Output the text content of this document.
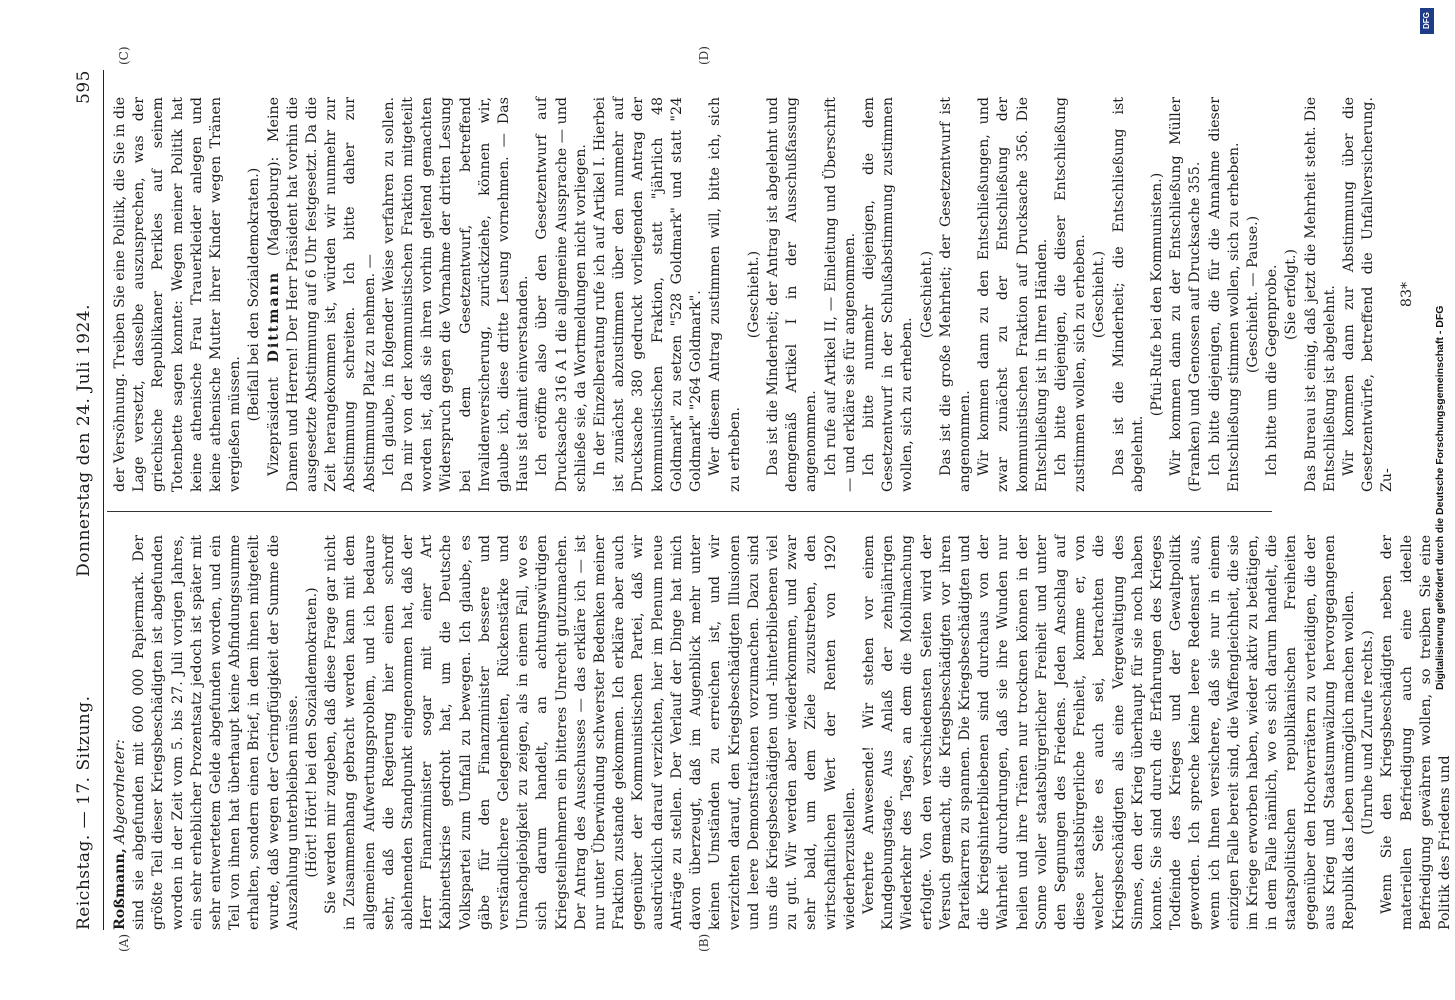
Reichstag. — 17. Sitzung.
Donnerstag den 24. Juli 1924.595
(A)	(B)
(C)	(D)

Roßmann, Abgeordneter: sind sie abgefunden mit 600 000 Papiermark. Der größte Teil dieser Kriegsbeschädigten ist abgefunden worden in der Zeit vom 5. bis 27. Juli vorigen Jahres, ein sehr erheblicher Prozentsatz jedoch ist später mit sehr entwertetem Gelde abgefunden worden, und ein Teil von ihnen hat überhaupt keine Abfindungssumme erhalten, sondern einen Brief, in dem ihnen mitgeteilt wurde, daß wegen der Geringfügigkeit der Summe die Auszahlung unterbleiben müsse. (Hört! Hört! bei den Sozialdemokraten.) Sie werden mir zugeben, daß diese Frage gar nicht in Zusammenhang gebracht werden kann mit dem allgemeinen Aufwertungsproblem, und ich bedaure sehr, daß die Regierung hier einen schroff ablehnenden Standpunkt eingenommen hat, daß der Herr Finanzminister sogar mit einer Art Kabinettskrise gedroht hat, um die Deutsche Volkspartei zum Umfall zu bewegen. Ich glaube, es gäbe für den Finanzminister bessere und verständlichere Gelegenheiten, Rückenstärke und Unnachgiebigkeit zu zeigen, als in einem Fall, wo es sich darum handelt, an achtungswürdigen Kriegsteilnehmern ein bitteres Unrecht gutzumachen. Der Antrag des Ausschusses — das erkläre ich — ist nur unter Überwindung schwerster Bedenken meiner Fraktion zustande gekommen. Ich erkläre aber auch gegenüber der Kommunistischen Partei, daß wir ausdrücklich darauf verzichten, hier im Plenum neue Anträge zu stellen. Der Verlauf der Dinge hat mich davon überzeugt, daß im Augenblick mehr unter keinen Umständen zu erreichen ist, und wir verzichten darauf, den Kriegsbeschädigten Illusionen und leere Demonstrationen vorzumachen. Dazu sind uns die Kriegsbeschädigten und -hinterbliebenen viel zu gut. Wir werden aber wiederkommen, und zwar sehr bald, um dem Ziele zuzustreben, den wirtschaftlichen Wert der Renten von 1920 wiederherzustellen. Verehrte Anwesende! Wir stehen vor einem Kundgebungstage. Aus Anlaß der zehnjährigen Wiederkehr des Tages, an dem die Mobilmachung erfolgte. Von den verschiedensten Seiten wird der Versuch gemacht, die Kriegsbeschädigten vor ihren Parteikarren zu spannen. Die Kriegsbeschädigten und die Kriegshinterbliebenen sind durchaus von der Wahrheit durchdrungen, daß sie ihre Wunden nur heilen und ihre Tränen nur trocknen können in der Sonne voller staatsbürgerlicher Freiheit und unter den Segnungen des Friedens. Jeden Anschlag auf diese staatsbürgerliche Freiheit, komme er, von welcher Seite es auch sei, betrachten die Kriegsbeschädigten als eine Vergewaltigung des Sinnes, den der Krieg überhaupt für sie noch haben konnte. Sie sind durch die Erfahrungen des Krieges Todfeinde des Krieges und der Gewaltpolitik geworden. Ich spreche keine leere Redensart aus, wenn ich Ihnen versichere, daß sie nur in einem einzigen Falle bereit sind, die Waffengleichheit, die sie im Kriege erworben haben, wieder aktiv zu betätigen, in dem Falle nämlich, wo es sich darum handelt, die staatspolitischen republikanischen Freiheiten gegenüber den Hochverrätern zu verteidigen, die der aus Krieg und Staatsumwälzung hervorgegangenen Republik das Leben unmöglich machen wollen. (Unruhe und Zurufe rechts.) Wenn Sie den Kriegsbeschädigten neben der materiellen Befriedigung auch eine ideelle Befriedigung gewähren wollen, so treiben Sie eine Politik des Friedens und

der Versöhnung. Treiben Sie eine Politik, die Sie in die Lage versetzt, dasselbe auszusprechen, was der griechische Republikaner Perikles auf seinem Totenbette sagen konnte: Wegen meiner Politik hat keine athenische Frau Trauerkleider anlegen und keine athenische Mutter ihrer Kinder wegen Tränen vergießen müssen.

(Beifall bei den Sozialdemokraten.)

Vizepräsident Dittmann (Magdeburg): Meine Damen und Herren! Der Herr Präsident hat vorhin die ausgesetzte Abstimmung auf 6 Uhr festgesetzt. Da die Zeit herangekommen ist, würden wir nunmehr zur Abstimmung schreiten. Ich bitte daher zur Abstimmung Platz zu nehmen. — Ich glaube, in folgender Weise verfahren zu sollen. Da mir von der kommunistischen Fraktion mitgeteilt worden ist, daß sie ihren vorhin geltend gemachten Widerspruch gegen die Vornahme der dritten Lesung bei dem Gesetzentwurf, betreffend Invalidenversicherung, zurückziehe, können wir, glaube ich, diese dritte Lesung vornehmen. — Das Haus ist damit einverstanden. Ich eröffne also über den Gesetzentwurf auf Drucksache 316 A 1 die allgemeine Aussprache — und schließe sie, da Wortmeldungen nicht vorliegen. In der Einzelberatung rufe ich auf Artikel I. Hierbei ist zunächst abzustimmen über den nunmehr auf Drucksache 380 gedruckt vorliegenden Antrag der kommunistischen Fraktion, statt "jährlich 48 Goldmark" zu setzen "528 Goldmark" und statt "24 Goldmark" "264 Goldmark". Wer diesem Antrag zustimmen will, bitte ich, sich zu erheben.

(Geschieht.) Das ist die Minderheit; der Antrag ist abgelehnt und demgemäß Artikel I in der Ausschußfassung angenommen. Ich rufe auf Artikel II, — Einleitung und Überschrift — und erkläre sie für angenommen. Ich bitte nunmehr diejenigen, die dem Gesetzentwurf in der Schlußabstimmung zustimmen wollen, sich zu erheben.

(Geschieht.) Das ist die große Mehrheit; der Gesetzentwurf ist angenommen. Wir kommen dann zu den Entschließungen, und zwar zunächst zu der Entschließung der kommunistischen Fraktion auf Drucksache 356. Die Entschließung ist in Ihren Händen. Ich bitte diejenigen, die dieser Entschließung zustimmen wollen, sich zu erheben. (Geschieht.) Das ist die Minderheit; die Entschließung ist abgelehnt.

(Pfui-Rufe bei den Kommunisten.) Wir kommen dann zu der Entschließung Müller (Franken) und Genossen auf Drucksache 355. Ich bitte diejenigen, die für die Annahme dieser Entschließung stimmen wollen, sich zu erheben. (Geschieht. — Pause.) Ich bitte um die Gegenprobe. (Sie erfolgt.) Das Bureau ist einig, daß jetzt die Mehrheit steht. Die Entschließung ist abgelehnt. Wir kommen dann zur Abstimmung über die Gesetzentwürfe, betreffend die Unfallversicherung. Zu-

83*

DFG
Digitalisierung gefördert durch die Deutsche Forschungsgemeinschaft - DFG
